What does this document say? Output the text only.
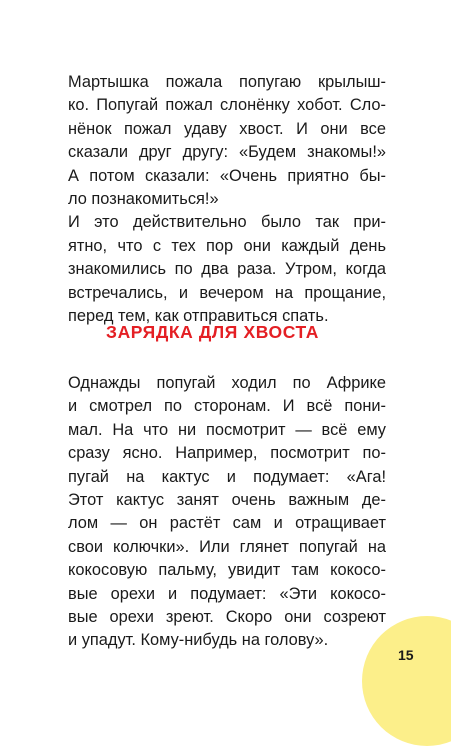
Мартышка пожала попугаю крылыш-
ко. Попугай пожал слонёнку хобот. Сло-
нёнок пожал удаву хвост. И они все
сказали друг другу: «Будем знакомы!»
А потом сказали: «Очень приятно бы-
ло познакомиться!»
И это действительно было так при-
ятно, что с тех пор они каждый день
знакомились по два раза. Утром, когда
встречались, и вечером на прощание,
перед тем, как отправиться спать.
ЗАРЯДКА ДЛЯ ХВОСТА
Однажды попугай ходил по Африке
и смотрел по сторонам. И всё пони-
мал. На что ни посмотрит — всё ему
сразу ясно. Например, посмотрит по-
пугай на кактус и подумает: «Ага!
Этот кактус занят очень важным де-
лом — он растёт сам и отращивает
свои колючки». Или глянет попугай на
кокосовую пальму, увидит там кокосо-
вые орехи и подумает: «Эти кокосо-
вые орехи зреют. Скоро они созреют
и упадут. Кому-нибудь на голову».
15
